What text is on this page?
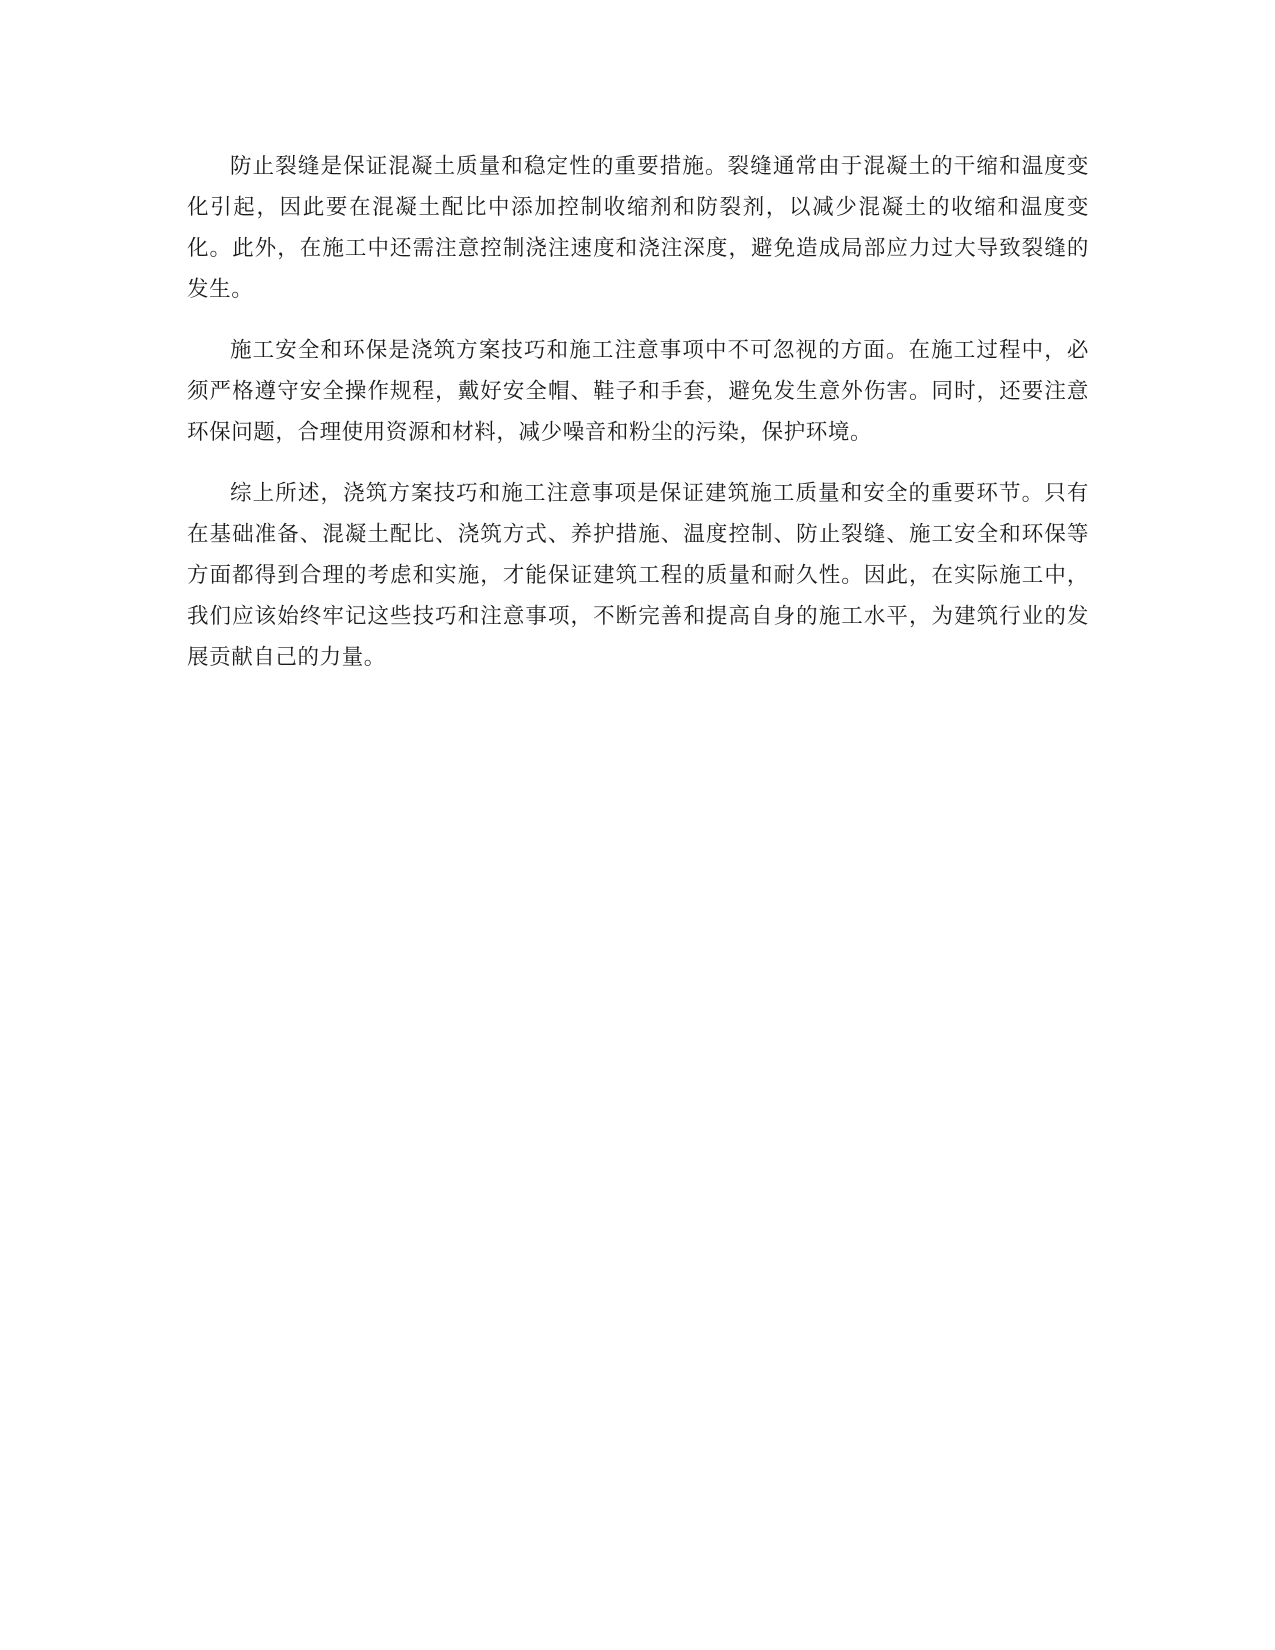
防止裂缝是保证混凝土质量和稳定性的重要措施。裂缝通常由于混凝土的干缩和温度变化引起，因此要在混凝土配比中添加控制收缩剂和防裂剂，以减少混凝土的收缩和温度变化。此外，在施工中还需注意控制浇注速度和浇注深度，避免造成局部应力过大导致裂缝的发生。

施工安全和环保是浇筑方案技巧和施工注意事项中不可忽视的方面。在施工过程中，必须严格遵守安全操作规程，戴好安全帽、鞋子和手套，避免发生意外伤害。同时，还要注意环保问题，合理使用资源和材料，减少噪音和粉尘的污染，保护环境。

综上所述，浇筑方案技巧和施工注意事项是保证建筑施工质量和安全的重要环节。只有在基础准备、混凝土配比、浇筑方式、养护措施、温度控制、防止裂缝、施工安全和环保等方面都得到合理的考虑和实施，才能保证建筑工程的质量和耐久性。因此，在实际施工中，我们应该始终牢记这些技巧和注意事项，不断完善和提高自身的施工水平，为建筑行业的发展贡献自己的力量。
